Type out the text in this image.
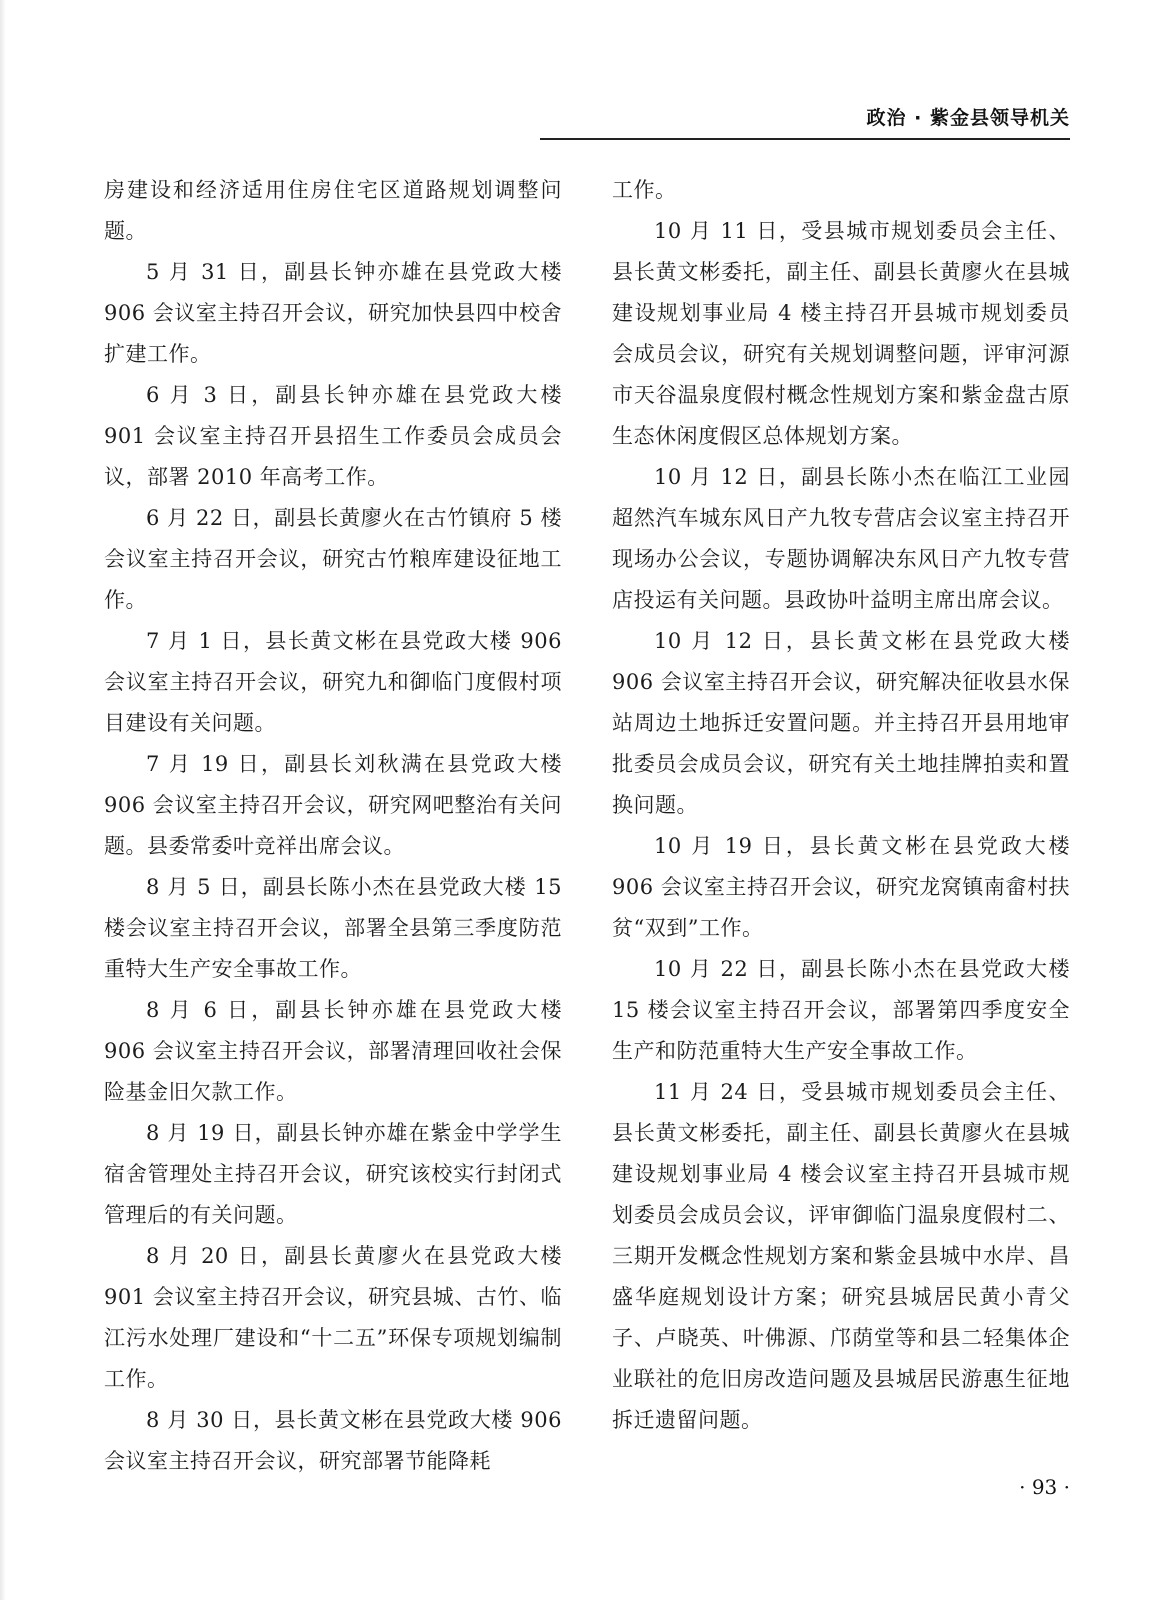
政治 · 紫金县领导机关

房建设和经济适用住房住宅区道路规划调整问题。

5 月 31 日，副县长钟亦雄在县党政大楼 906 会议室主持召开会议，研究加快县四中校舍扩建工作。

6 月 3 日，副县长钟亦雄在县党政大楼 901 会议室主持召开县招生工作委员会成员会议，部署 2010 年高考工作。

6 月 22 日，副县长黄廖火在古竹镇府 5 楼会议室主持召开会议，研究古竹粮库建设征地工作。

7 月 1 日，县长黄文彬在县党政大楼 906 会议室主持召开会议，研究九和御临门度假村项目建设有关问题。

7 月 19 日，副县长刘秋满在县党政大楼 906 会议室主持召开会议，研究网吧整治有关问题。县委常委叶竞祥出席会议。

8 月 5 日，副县长陈小杰在县党政大楼 15 楼会议室主持召开会议，部署全县第三季度防范重特大生产安全事故工作。

8 月 6 日，副县长钟亦雄在县党政大楼 906 会议室主持召开会议，部署清理回收社会保险基金旧欠款工作。

8 月 19 日，副县长钟亦雄在紫金中学学生宿舍管理处主持召开会议，研究该校实行封闭式管理后的有关问题。

8 月 20 日，副县长黄廖火在县党政大楼 901 会议室主持召开会议，研究县城、古竹、临江污水处理厂建设和“十二五”环保专项规划编制工作。

8 月 30 日，县长黄文彬在县党政大楼 906 会议室主持召开会议，研究部署节能降耗

工作。

10 月 11 日，受县城市规划委员会主任、县长黄文彬委托，副主任、副县长黄廖火在县城建设规划事业局 4 楼主持召开县城市规划委员会成员会议，研究有关规划调整问题，评审河源市天谷温泉度假村概念性规划方案和紫金盘古原生态休闲度假区总体规划方案。

10 月 12 日，副县长陈小杰在临江工业园超然汽车城东风日产九牧专营店会议室主持召开现场办公会议，专题协调解决东风日产九牧专营店投运有关问题。县政协叶益明主席出席会议。

10 月 12 日，县长黄文彬在县党政大楼 906 会议室主持召开会议，研究解决征收县水保站周边土地拆迁安置问题。并主持召开县用地审批委员会成员会议，研究有关土地挂牌拍卖和置换问题。

10 月 19 日，县长黄文彬在县党政大楼 906 会议室主持召开会议，研究龙窝镇南畲村扶贫“双到”工作。

10 月 22 日，副县长陈小杰在县党政大楼 15 楼会议室主持召开会议，部署第四季度安全生产和防范重特大生产安全事故工作。

11 月 24 日，受县城市规划委员会主任、县长黄文彬委托，副主任、副县长黄廖火在县城建设规划事业局 4 楼会议室主持召开县城市规划委员会成员会议，评审御临门温泉度假村二、三期开发概念性规划方案和紫金县城中水岸、昌盛华庭规划设计方案；研究县城居民黄小青父子、卢晓英、叶佛源、邝荫堂等和县二轻集体企业联社的危旧房改造问题及县城居民游惠生征地拆迁遗留问题。

· 93 ·
